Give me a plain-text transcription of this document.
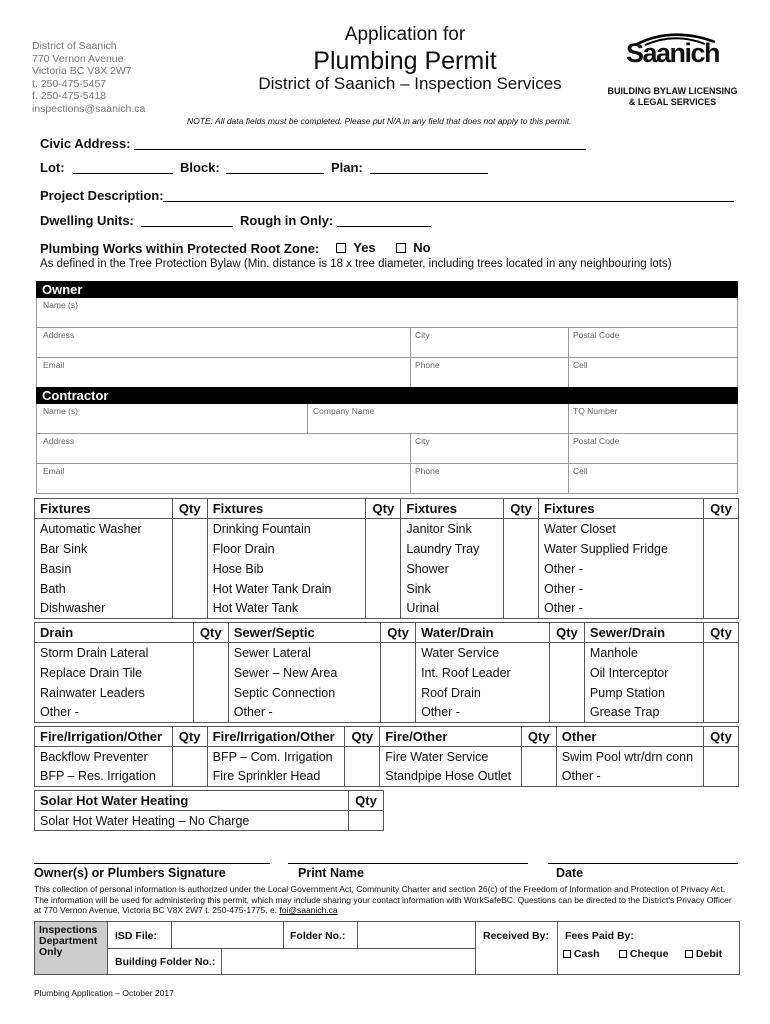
District of Saanich
770 Vernon Avenue
Victoria BC V8X 2W7
t. 250-475-5457
f. 250-475-5418
inspections@saanich.ca
Application for
Plumbing Permit
District of Saanich – Inspection Services
Saanich
BUILDING BYLAW LICENSING
& LEGAL SERVICES
NOTE: All data fields must be completed. Please put N/A in any field that does not apply to this permit.
Civic Address:
Lot:	Block:	Plan:
Project Description:
Dwelling Units:	Rough in Only:
Plumbing Works within Protected Root Zone:	Yes	No
As defined in the Tree Protection Bylaw (Min. distance is 18 x tree diameter, including trees located in any neighbouring lots)
Owner
Name (s)
Address	City	Postal Code
Email	Phone	Cell
Contractor
Name (s)	Company Name	TQ Number
Address	City	Postal Code
Email	Phone	Cell
Fixtures	Qty	Fixtures	Qty	Fixtures	Qty	Fixtures	Qty
Automatic Washer		Drinking Fountain		Janitor Sink		Water Closet	
Bar Sink		Floor Drain		Laundry Tray		Water Supplied Fridge	
Basin		Hose Bib		Shower		Other -	
Bath		Hot Water Tank Drain		Sink		Other -	
Dishwasher		Hot Water Tank		Urinal		Other -	
Drain	Qty	Sewer/Septic	Qty	Water/Drain	Qty	Sewer/Drain	Qty
Storm Drain Lateral		Sewer Lateral		Water Service		Manhole	
Replace Drain Tile		Sewer – New Area		Int. Roof Leader		Oil Interceptor	
Rainwater Leaders		Septic Connection		Roof Drain		Pump Station	
Other -		Other -		Other -		Grease Trap	
Fire/Irrigation/Other	Qty	Fire/Irrigation/Other	Qty	Fire/Other	Qty	Other	Qty
Backflow Preventer		BFP – Com. Irrigation		Fire Water Service		Swim Pool wtr/drn conn	
BFP – Res. Irrigation		Fire Sprinkler Head		Standpipe Hose Outlet		Other -	
Solar Hot Water Heating	Qty
Solar Hot Water Heating – No Charge	
Owner(s) or Plumbers Signature	Print Name	Date
This collection of personal information is authorized under the Local Government Act, Community Charter and section 26(c) of the Freedom of Information and Protection of Privacy Act. The information will be used for administering this permit, which may include sharing your contact information with WorkSafeBC. Questions can be directed to the District's Privacy Officer at 770 Vernon Avenue, Victoria BC V8X 2W7 t. 250-475-1775, e. foi@saanich.ca
Inspections
Department
Only
ISD File:	Folder No.:
Building Folder No.:
Received By: Fees Paid By:
Cash	Cheque	Debit
Plumbing Application – October 2017
